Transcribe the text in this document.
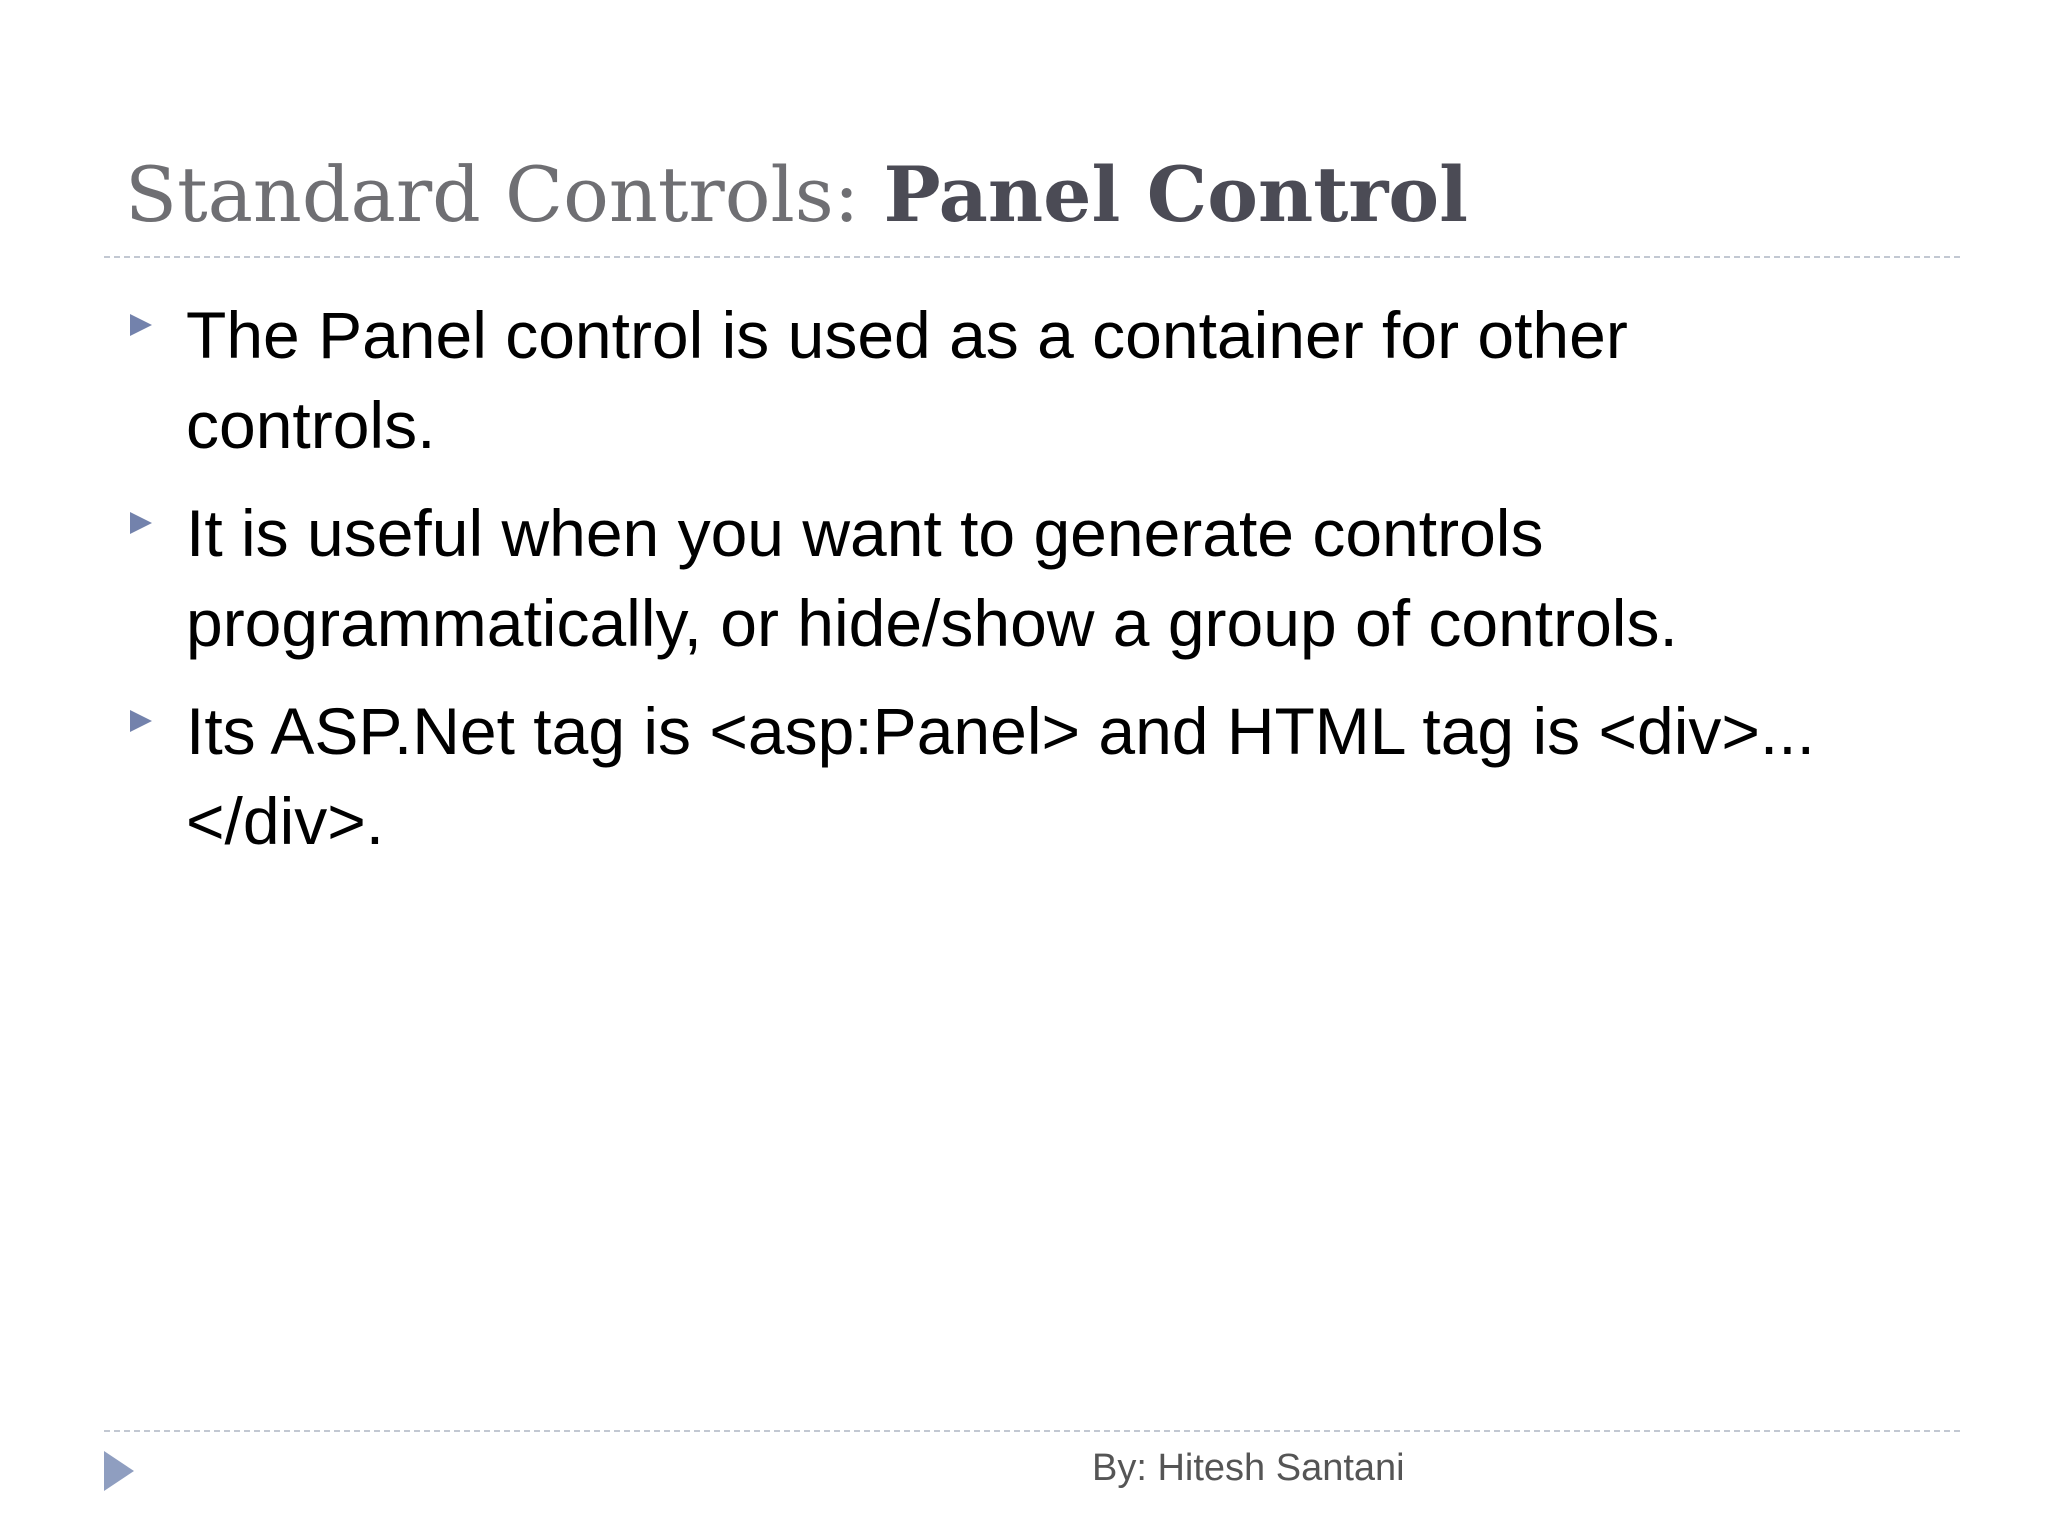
Standard Controls: Panel Control
The Panel control is used as a container for other controls.
It is useful when you want to generate controls programmatically, or hide/show a group of controls.
Its ASP.Net tag is <asp:Panel> and HTML tag is <div>...</div>.
By: Hitesh Santani
